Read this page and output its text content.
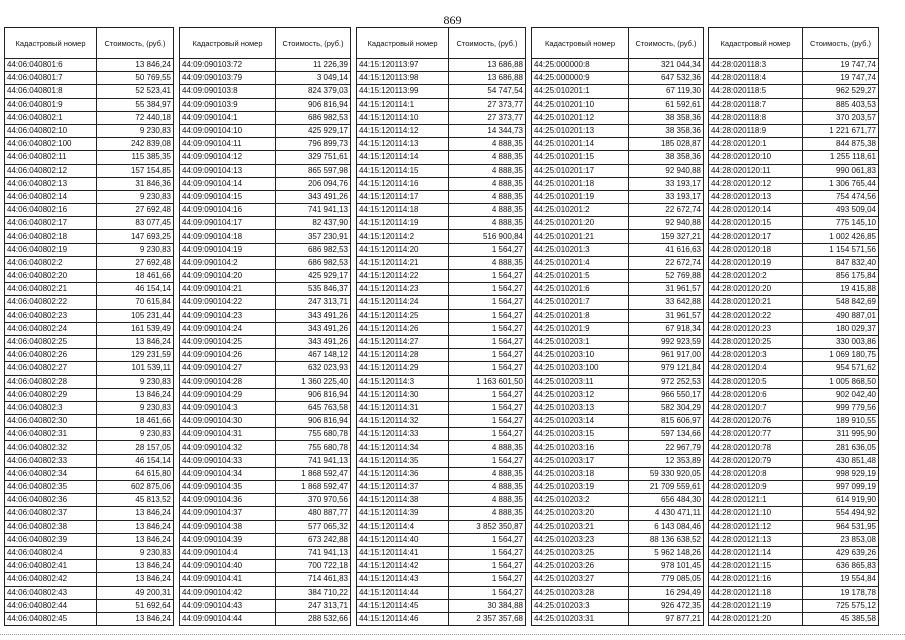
869
Кадастровый номер	Стоимость, (руб.)
44:06:040801:6	13 846,24
44:06:040801:7	50 769,55
44:06:040801:8	52 523,41
44:06:040801:9	55 384,97
44:06:040802:1	72 440,18
44:06:040802:10	9 230,83
44:06:040802:100	242 839,08
44:06:040802:11	115 385,35
44:06:040802:12	157 154,85
44:06:040802:13	31 846,36
44:06:040802:14	9 230,83
44:06:040802:16	27 692,48
44:06:040802:17	83 077,45
44:06:040802:18	147 693,25
44:06:040802:19	9 230,83
44:06:040802:2	27 692,48
44:06:040802:20	18 461,66
44:06:040802:21	46 154,14
44:06:040802:22	70 615,84
44:06:040802:23	105 231,44
44:06:040802:24	161 539,49
44:06:040802:25	13 846,24
44:06:040802:26	129 231,59
44:06:040802:27	101 539,11
44:06:040802:28	9 230,83
44:06:040802:29	13 846,24
44:06:040802:3	9 230,83
44:06:040802:30	18 461,66
44:06:040802:31	9 230,83
44:06:040802:32	28 157,05
44:06:040802:33	46 154,14
44:06:040802:34	64 615,80
44:06:040802:35	602 875,06
44:06:040802:36	45 813,52
44:06:040802:37	13 846,24
44:06:040802:38	13 846,24
44:06:040802:39	13 846,24
44:06:040802:4	9 230,83
44:06:040802:41	13 846,24
44:06:040802:42	13 846,24
44:06:040802:43	49 200,31
44:06:040802:44	51 692,64
44:06:040802:45	13 846,24
Кадастровый номер	Стоимость, (руб.)
44:09:090103:72	11 226,39
44:09:090103:79	3 049,14
44:09:090103:8	824 379,03
44:09:090103:9	906 816,94
44:09:090104:1	686 982,53
44:09:090104:10	425 929,17
44:09:090104:11	796 899,73
44:09:090104:12	329 751,61
44:09:090104:13	865 597,98
44:09:090104:14	206 094,76
44:09:090104:15	343 491,26
44:09:090104:16	741 941,13
44:09:090104:17	82 437,90
44:09:090104:18	357 230,91
44:09:090104:19	686 982,53
44:09:090104:2	686 982,53
44:09:090104:20	425 929,17
44:09:090104:21	535 846,37
44:09:090104:22	247 313,71
44:09:090104:23	343 491,26
44:09:090104:24	343 491,26
44:09:090104:25	343 491,26
44:09:090104:26	467 148,12
44:09:090104:27	632 023,93
44:09:090104:28	1 360 225,40
44:09:090104:29	906 816,94
44:09:090104:3	645 763,58
44:09:090104:30	906 816,94
44:09:090104:31	755 680,78
44:09:090104:32	755 680,78
44:09:090104:33	741 941,13
44:09:090104:34	1 868 592,47
44:09:090104:35	1 868 592,47
44:09:090104:36	370 970,56
44:09:090104:37	480 887,77
44:09:090104:38	577 065,32
44:09:090104:39	673 242,88
44:09:090104:4	741 941,13
44:09:090104:40	700 722,18
44:09:090104:41	714 461,83
44:09:090104:42	384 710,22
44:09:090104:43	247 313,71
44:09:090104:44	288 532,66
Кадастровый номер	Стоимость, (руб.)
44:15:120113:97	13 686,88
44:15:120113:98	13 686,88
44:15:120113:99	54 747,54
44:15:120114:1	27 373,77
44:15:120114:10	27 373,77
44:15:120114:12	14 344,73
44:15:120114:13	4 888,35
44:15:120114:14	4 888,35
44:15:120114:15	4 888,35
44:15:120114:16	4 888,35
44:15:120114:17	4 888,35
44:15:120114:18	4 888,35
44:15:120114:19	4 888,35
44:15:120114:2	516 900,84
44:15:120114:20	1 564,27
44:15:120114:21	4 888,35
44:15:120114:22	1 564,27
44:15:120114:23	1 564,27
44:15:120114:24	1 564,27
44:15:120114:25	1 564,27
44:15:120114:26	1 564,27
44:15:120114:27	1 564,27
44:15:120114:28	1 564,27
44:15:120114:29	1 564,27
44:15:120114:3	1 163 601,50
44:15:120114:30	1 564,27
44:15:120114:31	1 564,27
44:15:120114:32	1 564,27
44:15:120114:33	1 564,27
44:15:120114:34	4 888,35
44:15:120114:35	1 564,27
44:15:120114:36	4 888,35
44:15:120114:37	4 888,35
44:15:120114:38	4 888,35
44:15:120114:39	4 888,35
44:15:120114:4	3 852 350,87
44:15:120114:40	1 564,27
44:15:120114:41	1 564,27
44:15:120114:42	1 564,27
44:15:120114:43	1 564,27
44:15:120114:44	1 564,27
44:15:120114:45	30 384,88
44:15:120114:46	2 357 357,68
Кадастровый номер	Стоимость, (руб.)
44:25:000000:8	321 044,34
44:25:000000:9	647 532,36
44:25:010201:1	67 119,30
44:25:010201:10	61 592,61
44:25:010201:12	38 358,36
44:25:010201:13	38 358,36
44:25:010201:14	185 028,87
44:25:010201:15	38 358,36
44:25:010201:17	92 940,88
44:25:010201:18	33 193,17
44:25:010201:19	33 193,17
44:25:010201:2	22 672,74
44:25:010201:20	92 940,88
44:25:010201:21	159 327,21
44:25:010201:3	41 616,63
44:25:010201:4	22 672,74
44:25:010201:5	52 769,88
44:25:010201:6	31 961,57
44:25:010201:7	33 642,88
44:25:010201:8	31 961,57
44:25:010201:9	67 918,34
44:25:010203:1	992 923,59
44:25:010203:10	961 917,00
44:25:010203:100	979 121,84
44:25:010203:11	972 252,53
44:25:010203:12	966 550,17
44:25:010203:13	582 304,29
44:25:010203:14	815 606,97
44:25:010203:15	597 134,66
44:25:010203:16	22 967,79
44:25:010203:17	12 353,89
44:25:010203:18	59 330 920,05
44:25:010203:19	21 709 559,61
44:25:010203:2	656 484,30
44:25:010203:20	4 430 471,11
44:25:010203:21	6 143 084,46
44:25:010203:23	88 136 638,52
44:25:010203:25	5 962 148,26
44:25:010203:26	978 101,45
44:25:010203:27	779 085,05
44:25:010203:28	16 294,49
44:25:010203:3	926 472,35
44:25:010203:31	97 877,21
Кадастровый номер	Стоимость, (руб.)
44:28:020118:3	19 747,74
44:28:020118:4	19 747,74
44:28:020118:5	962 529,27
44:28:020118:7	885 403,53
44:28:020118:8	370 203,57
44:28:020118:9	1 221 671,77
44:28:020120:1	844 875,38
44:28:020120:10	1 255 118,61
44:28:020120:11	990 061,83
44:28:020120:12	1 306 765,44
44:28:020120:13	754 474,56
44:28:020120:14	493 509,04
44:28:020120:15	775 145,10
44:28:020120:17	1 002 426,85
44:28:020120:18	1 154 571,56
44:28:020120:19	847 832,40
44:28:020120:2	856 175,84
44:28:020120:20	19 415,88
44:28:020120:21	548 842,69
44:28:020120:22	490 887,01
44:28:020120:23	180 029,37
44:28:020120:25	330 003,86
44:28:020120:3	1 069 180,75
44:28:020120:4	954 571,62
44:28:020120:5	1 005 868,50
44:28:020120:6	902 042,40
44:28:020120:7	999 779,56
44:28:020120:76	189 910,55
44:28:020120:77	311 995,90
44:28:020120:78	281 636,05
44:28:020120:79	430 851,48
44:28:020120:8	998 929,19
44:28:020120:9	997 099,19
44:28:020121:1	614 919,90
44:28:020121:10	554 494,92
44:28:020121:12	964 531,95
44:28:020121:13	23 853,08
44:28:020121:14	429 639,26
44:28:020121:15	636 865,83
44:28:020121:16	19 554,84
44:28:020121:18	19 178,78
44:28:020121:19	725 575,12
44:28:020121:20	45 385,58
